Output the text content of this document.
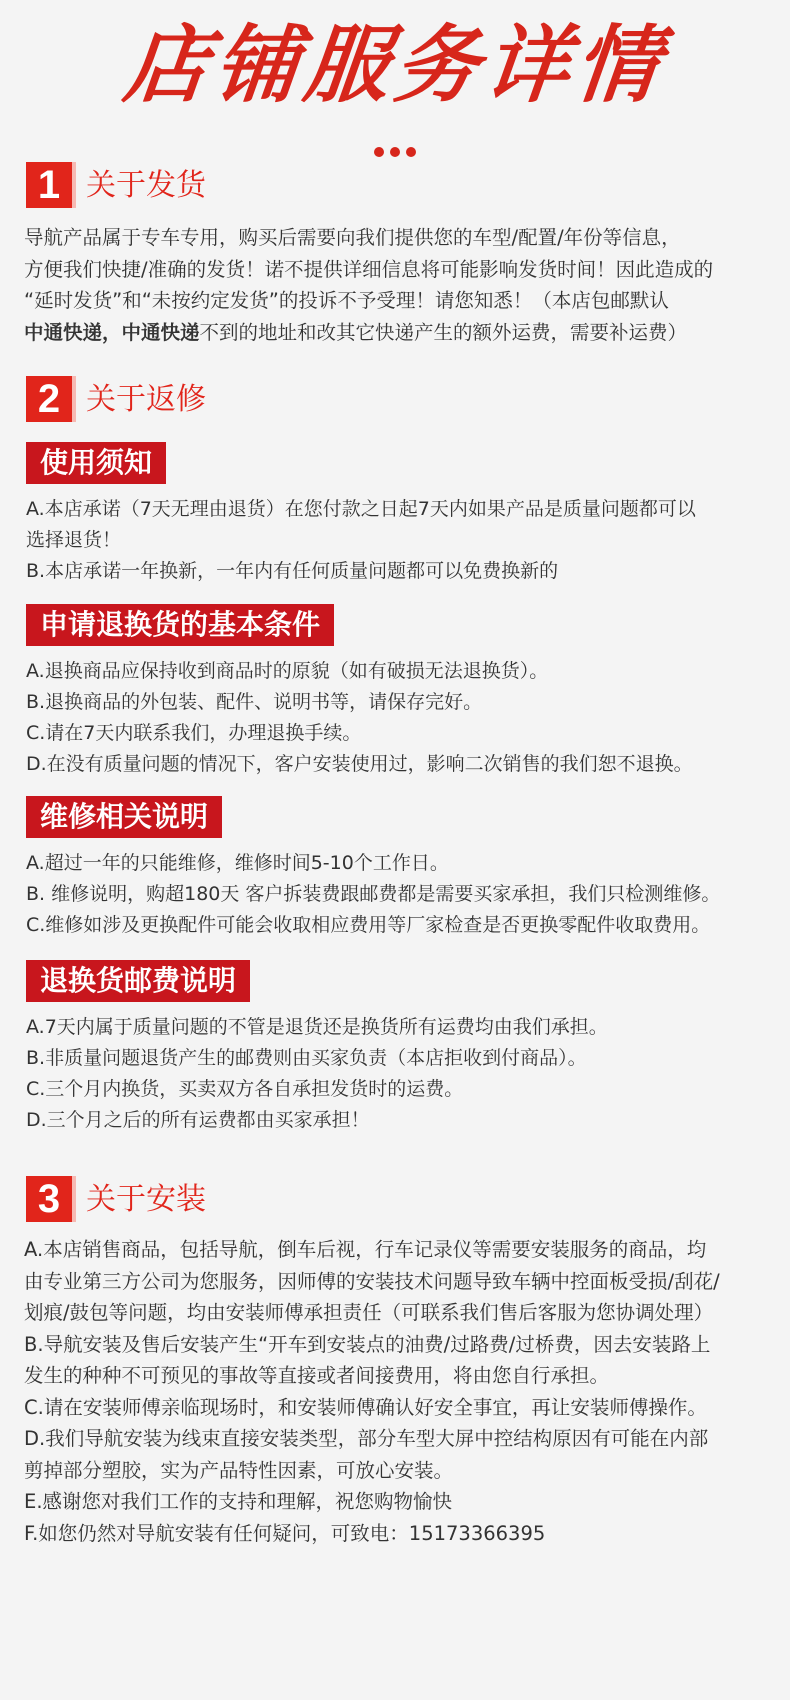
店铺服务详情
1 关于发货

导航产品属于专车专用，购买后需要向我们提供您的车型/配置/年份等信息，

方便我们快捷/准确的发货！诺不提供详细信息将可能影响发货时间！因此造成的

“延时发货”和“未按约定发货”的投诉不予受理！请您知悉！（本店包邮默认

中通快递，中通快递不到的地址和改其它快递产生的额外运费，需要补运费）

2 关于返修
使用须知

A.本店承诺（7天无理由退货）在您付款之日起7天内如果产品是质量问题都可以

选择退货！

B.本店承诺一年换新，一年内有任何质量问题都可以免费换新的

申请退换货的基本条件

A.退换商品应保持收到商品时的原貌（如有破损无法退换货）。

B.退换商品的外包装、配件、说明书等，请保存完好。

C.请在7天内联系我们，办理退换手续。

D.在没有质量问题的情况下，客户安装使用过，影响二次销售的我们恕不退换。

维修相关说明

A.超过一年的只能维修，维修时间5-10个工作日。

B. 维修说明，购超180天 客户拆装费跟邮费都是需要买家承担，我们只检测维修。

C.维修如涉及更换配件可能会收取相应费用等厂家检查是否更换零配件收取费用。

退换货邮费说明

A.7天内属于质量问题的不管是退货还是换货所有运费均由我们承担。

B.非质量问题退货产生的邮费则由买家负责（本店拒收到付商品）。

C.三个月内换货，买卖双方各自承担发货时的运费。

D.三个月之后的所有运费都由买家承担！

3 关于安装

A.本店销售商品，包括导航，倒车后视，行车记录仪等需要安装服务的商品，均

由专业第三方公司为您服务，因师傅的安装技术问题导致车辆中控面板受损/刮花/

划痕/鼓包等问题，均由安装师傅承担责任（可联系我们售后客服为您协调处理）

B.导航安装及售后安装产生“开车到安装点的油费/过路费/过桥费，因去安装路上

发生的种种不可预见的事故等直接或者间接费用，将由您自行承担。

C.请在安装师傅亲临现场时，和安装师傅确认好安全事宜，再让安装师傅操作。

D.我们导航安装为线束直接安装类型，部分车型大屏中控结构原因有可能在内部

剪掉部分塑胶，实为产品特性因素，可放心安装。

E.感谢您对我们工作的支持和理解，祝您购物愉快

F.如您仍然对导航安装有任何疑问，可致电：15173366395
